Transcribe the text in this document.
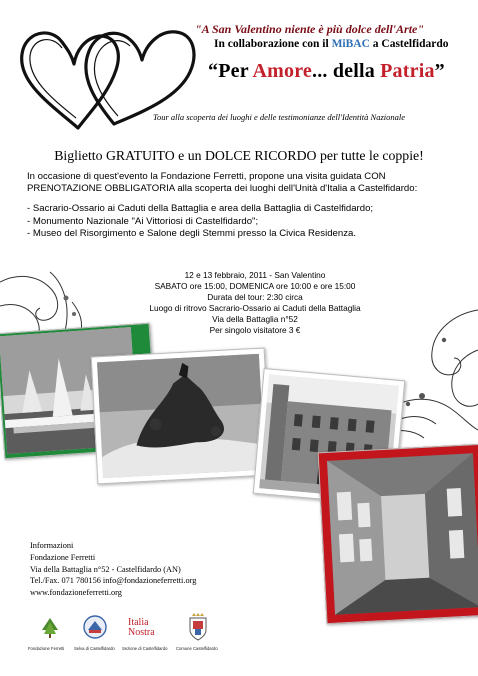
"A San Valentino niente è più dolce dell'Arte"
In collaborazione con il MiBAC a Castelfidardo
“Per Amore... della Patria”
Tour alla scoperta dei luoghi e delle testimonianze dell'Identità Nazionale
Biglietto GRATUITO e un DOLCE RICORDO per tutte le coppie!
In occasione di quest'evento la Fondazione Ferretti, propone una visita guidata CON
PRENOTAZIONE OBBLIGATORIA alla scoperta dei luoghi dell'Unità d'Italia a Castelfidardo:
- Sacrario-Ossario ai Caduti della Battaglia e area della Battaglia di Castelfidardo;
- Monumento Nazionale "Ai Vittoriosi di Castelfidardo";
- Museo del Risorgimento e Salone degli Stemmi presso la Civica Residenza.
12 e 13 febbraio, 2011 - San Valentino
SABATO ore 15:00, DOMENICA ore 10:00 e ore 15:00
Durata del tour: 2:30 circa
Luogo di ritrovo Sacrario-Ossario ai Caduti della Battaglia
Via della Battaglia n°52
Per singolo visitatore 3 €
Informazioni
Fondazione Ferretti
Via della Battaglia n°52 - Castelfidardo (AN)
Tel./Fax. 071 780156 info@fondazioneferretti.org
www.fondazioneferretti.org
Italia
Nostra
Fondazione Ferretti Selva di Castelfidardo Sezione di Castelfidardo Comune Castelfidardo
